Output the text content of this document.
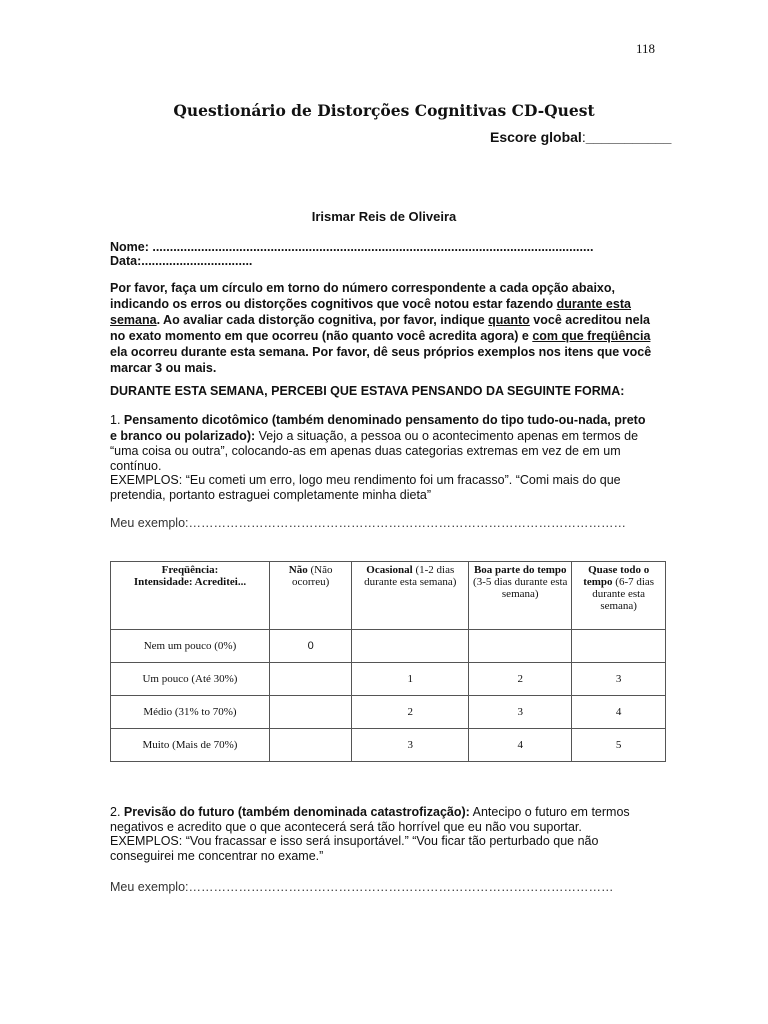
118
Questionário de Distorções Cognitivas CD-Quest
Escore global:___________
Irismar Reis de Oliveira
Nome: ...............................................................................................................................
Data:................................
Por favor, faça um círculo em torno do número correspondente a cada opção abaixo, indicando os erros ou distorções cognitivos que você notou estar fazendo durante esta semana. Ao avaliar cada distorção cognitiva, por favor, indique quanto você acreditou nela no exato momento em que ocorreu (não quanto você acredita agora) e com que freqüência ela ocorreu durante esta semana. Por favor, dê seus próprios exemplos nos itens que você marcar 3 ou mais.
DURANTE ESTA SEMANA, PERCEBI QUE ESTAVA PENSANDO DA SEGUINTE FORMA:
1. Pensamento dicotômico (também denominado pensamento do tipo tudo-ou-nada, preto e branco ou polarizado): Vejo a situação, a pessoa ou o acontecimento apenas em termos de “uma coisa ou outra”, colocando-as em apenas duas categorias extremas em vez de em um contínuo.
EXEMPLOS: “Eu cometi um erro, logo meu rendimento foi um fracasso”. “Comi mais do que pretendia, portanto estraguei completamente minha dieta”
Meu exemplo:……………………………………………………………………………………………
Freqüência:
Intensidade: Acreditei...	Não (Não ocorreu)	Ocasional (1-2 dias durante esta semana)	Boa parte do tempo (3-5 dias durante esta semana)	Quase todo o tempo (6-7 dias durante esta semana)
Nem um pouco (0%)	0			
Um pouco (Até 30%)		1	2	3
Médio (31% to 70%)		2	3	4
Muito (Mais de 70%)		3	4	5
2. Previsão do futuro (também denominada catastrofização): Antecipo o futuro em termos negativos e acredito que o que acontecerá será tão horrível que eu não vou suportar.
EXEMPLOS: “Vou fracassar e isso será insuportável.” “Vou ficar tão perturbado que não conseguirei me concentrar no exame.”
Meu exemplo:…………………………………………………………………………………………
